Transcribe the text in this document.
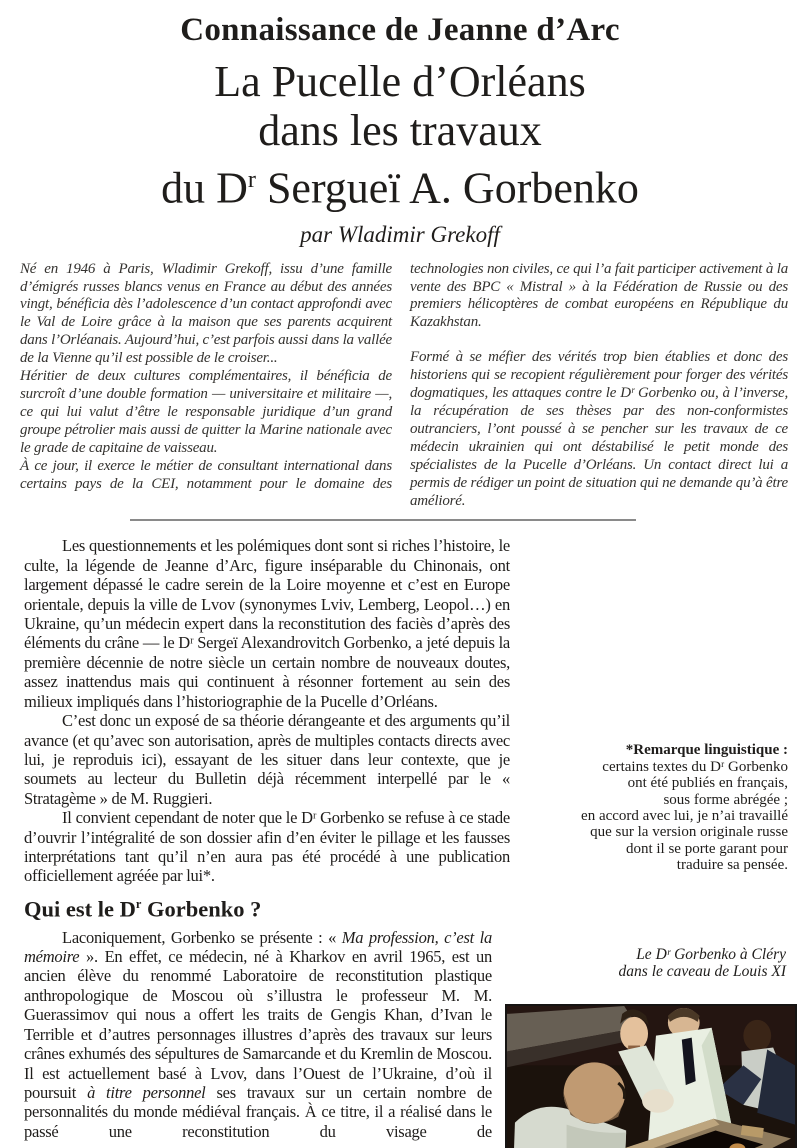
Connaissance de Jeanne d’Arc
La Pucelle d’Orléans
dans les travaux
du $D^r$ Sergueï A. Gorbenko
par Wladimir Grekoff

Né en 1946 à Paris, Wladimir Grekoff, issu d’une famille d’émigrés russes blancs venus en France au début des années vingt, bénéficia dès l’adolescence d’un contact approfondi avec le Val de Loire grâce à la maison que ses parents acquirent dans l’Orléanais. Aujourd’hui, c’est parfois aussi dans la vallée de la Vienne qu’il est possible de le croiser...

Héritier de deux cultures complémentaires, il bénéficia de surcroît d’une double formation — universitaire et militaire —, ce qui lui valut d’être le responsable juridique d’un grand groupe pétrolier mais aussi de quitter la Marine nationale avec le grade de capitaine de vaisseau.

À ce jour, il exerce le métier de consultant international dans certains pays de la CEI, notamment pour le domaine des

technologies non civiles, ce qui l’a fait participer activement à la vente des BPC « Mistral » à la Fédération de Russie ou des premiers hélicoptères de combat européens en République du Kazakhstan.

Formé à se méfier des vérités trop bien établies et donc des historiens qui se recopient régulièrement pour forger des vérités dogmatiques, les attaques contre le Dʳ Gorbenko ou, à l’inverse, la récupération de ses thèses par des non-conformistes outranciers, l’ont poussé à se pencher sur les travaux de ce médecin ukrainien qui ont déstabilisé le petit monde des spécialistes de la Pucelle d’Orléans. Un contact direct lui a permis de rédiger un point de situation qui ne demande qu’à être amélioré.

Les questionnements et les polémiques dont sont si riches l’histoire, le culte, la légende de Jeanne d’Arc, figure inséparable du Chinonais, ont largement dépassé le cadre serein de la Loire moyenne et c’est en Europe orientale, depuis la ville de Lvov (synonymes Lviv, Lemberg, Leopol…) en Ukraine, qu’un médecin expert dans la reconstitution des faciès d’après des éléments du crâne — le Dʳ Sergeï Alexandrovitch Gorbenko, a jeté depuis la première décennie de notre siècle un certain nombre de nouveaux doutes, assez inattendus mais qui continuent à résonner fortement au sein des milieux impliqués dans l’historiographie de la Pucelle d’Orléans.

C’est donc un exposé de sa théorie dérangeante et des arguments qu’il avance (et qu’avec son autorisation, après de multiples contacts directs avec lui, je reproduis ici), essayant de les situer dans leur contexte, que je soumets au lecteur du Bulletin déjà récemment interpellé par le « Stratagème » de M. Ruggieri.

Il convient cependant de noter que le Dʳ Gorbenko se refuse à ce stade d’ouvrir l’intégralité de son dossier afin d’en éviter le pillage et les fausses interprétations tant qu’il n’en aura pas été procédé à une publication officiellement agréée par lui*.

Qui est le $D^r$ Gorbenko ?

Laconiquement, Gorbenko se présente : « Ma profession, c’est la mémoire ». En effet, ce médecin, né à Kharkov en avril 1965, est un ancien élève du renommé Laboratoire de reconstitution plastique anthropologique de Moscou où s’illustra le professeur M. M. Guerassimov qui nous a offert les traits de Gengis Khan, d’Ivan le Terrible et d’autres personnages illustres d’après des travaux sur leurs crânes exhumés des sépultures de Samarcande et du Kremlin de Moscou. Il est actuellement basé à Lvov, dans l’Ouest de l’Ukraine, d’où il poursuit à titre personnel ses travaux sur un certain nombre de personnalités du monde médiéval français. À ce titre, il a réalisé dans le passé une reconstitution du visage de

*Remarque linguistique :
certains textes du Dʳ Gorbenko
ont été publiés en français,
sous forme abrégée ;
en accord avec lui, je n’ai travaillé
que sur la version originale russe
dont il se porte garant pour
traduire sa pensée.
Le Dʳ Gorbenko à Cléry
dans le caveau de Louis XI
